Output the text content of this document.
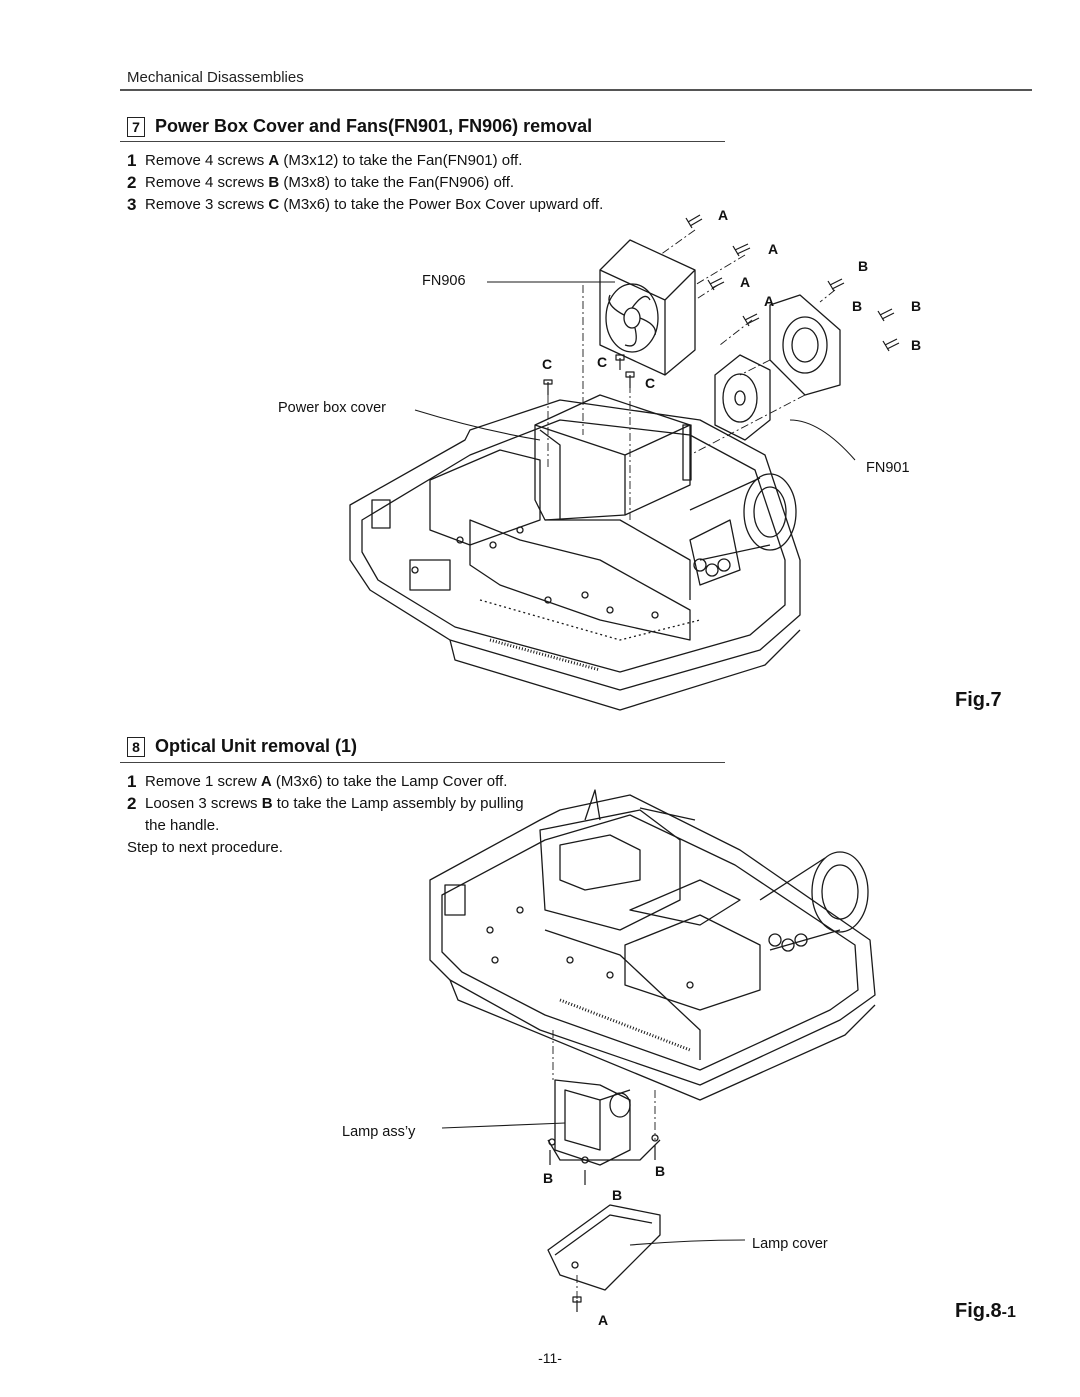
Mechanical Disassemblies
7 Power Box Cover and Fans(FN901, FN906) removal
1 Remove 4 screws A (M3x12) to take the Fan(FN901) off.
2 Remove 4 screws B (M3x8) to take the Fan(FN906) off.
3 Remove 3 screws C (M3x6) to take the Power Box Cover upward off.
8 Optical Unit removal (1)
1 Remove 1 screw A (M3x6) to take the Lamp Cover off.
2 Loosen 3 screws B to take the Lamp assembly by pulling the handle.
Step to next procedure.
FN906
Power box cover
FN901
A
A
A
A
B
B	B
B
C	C
C
Fig.7
Lamp ass’y
Lamp cover
B	B
B
A	Fig.8-1
-11-
